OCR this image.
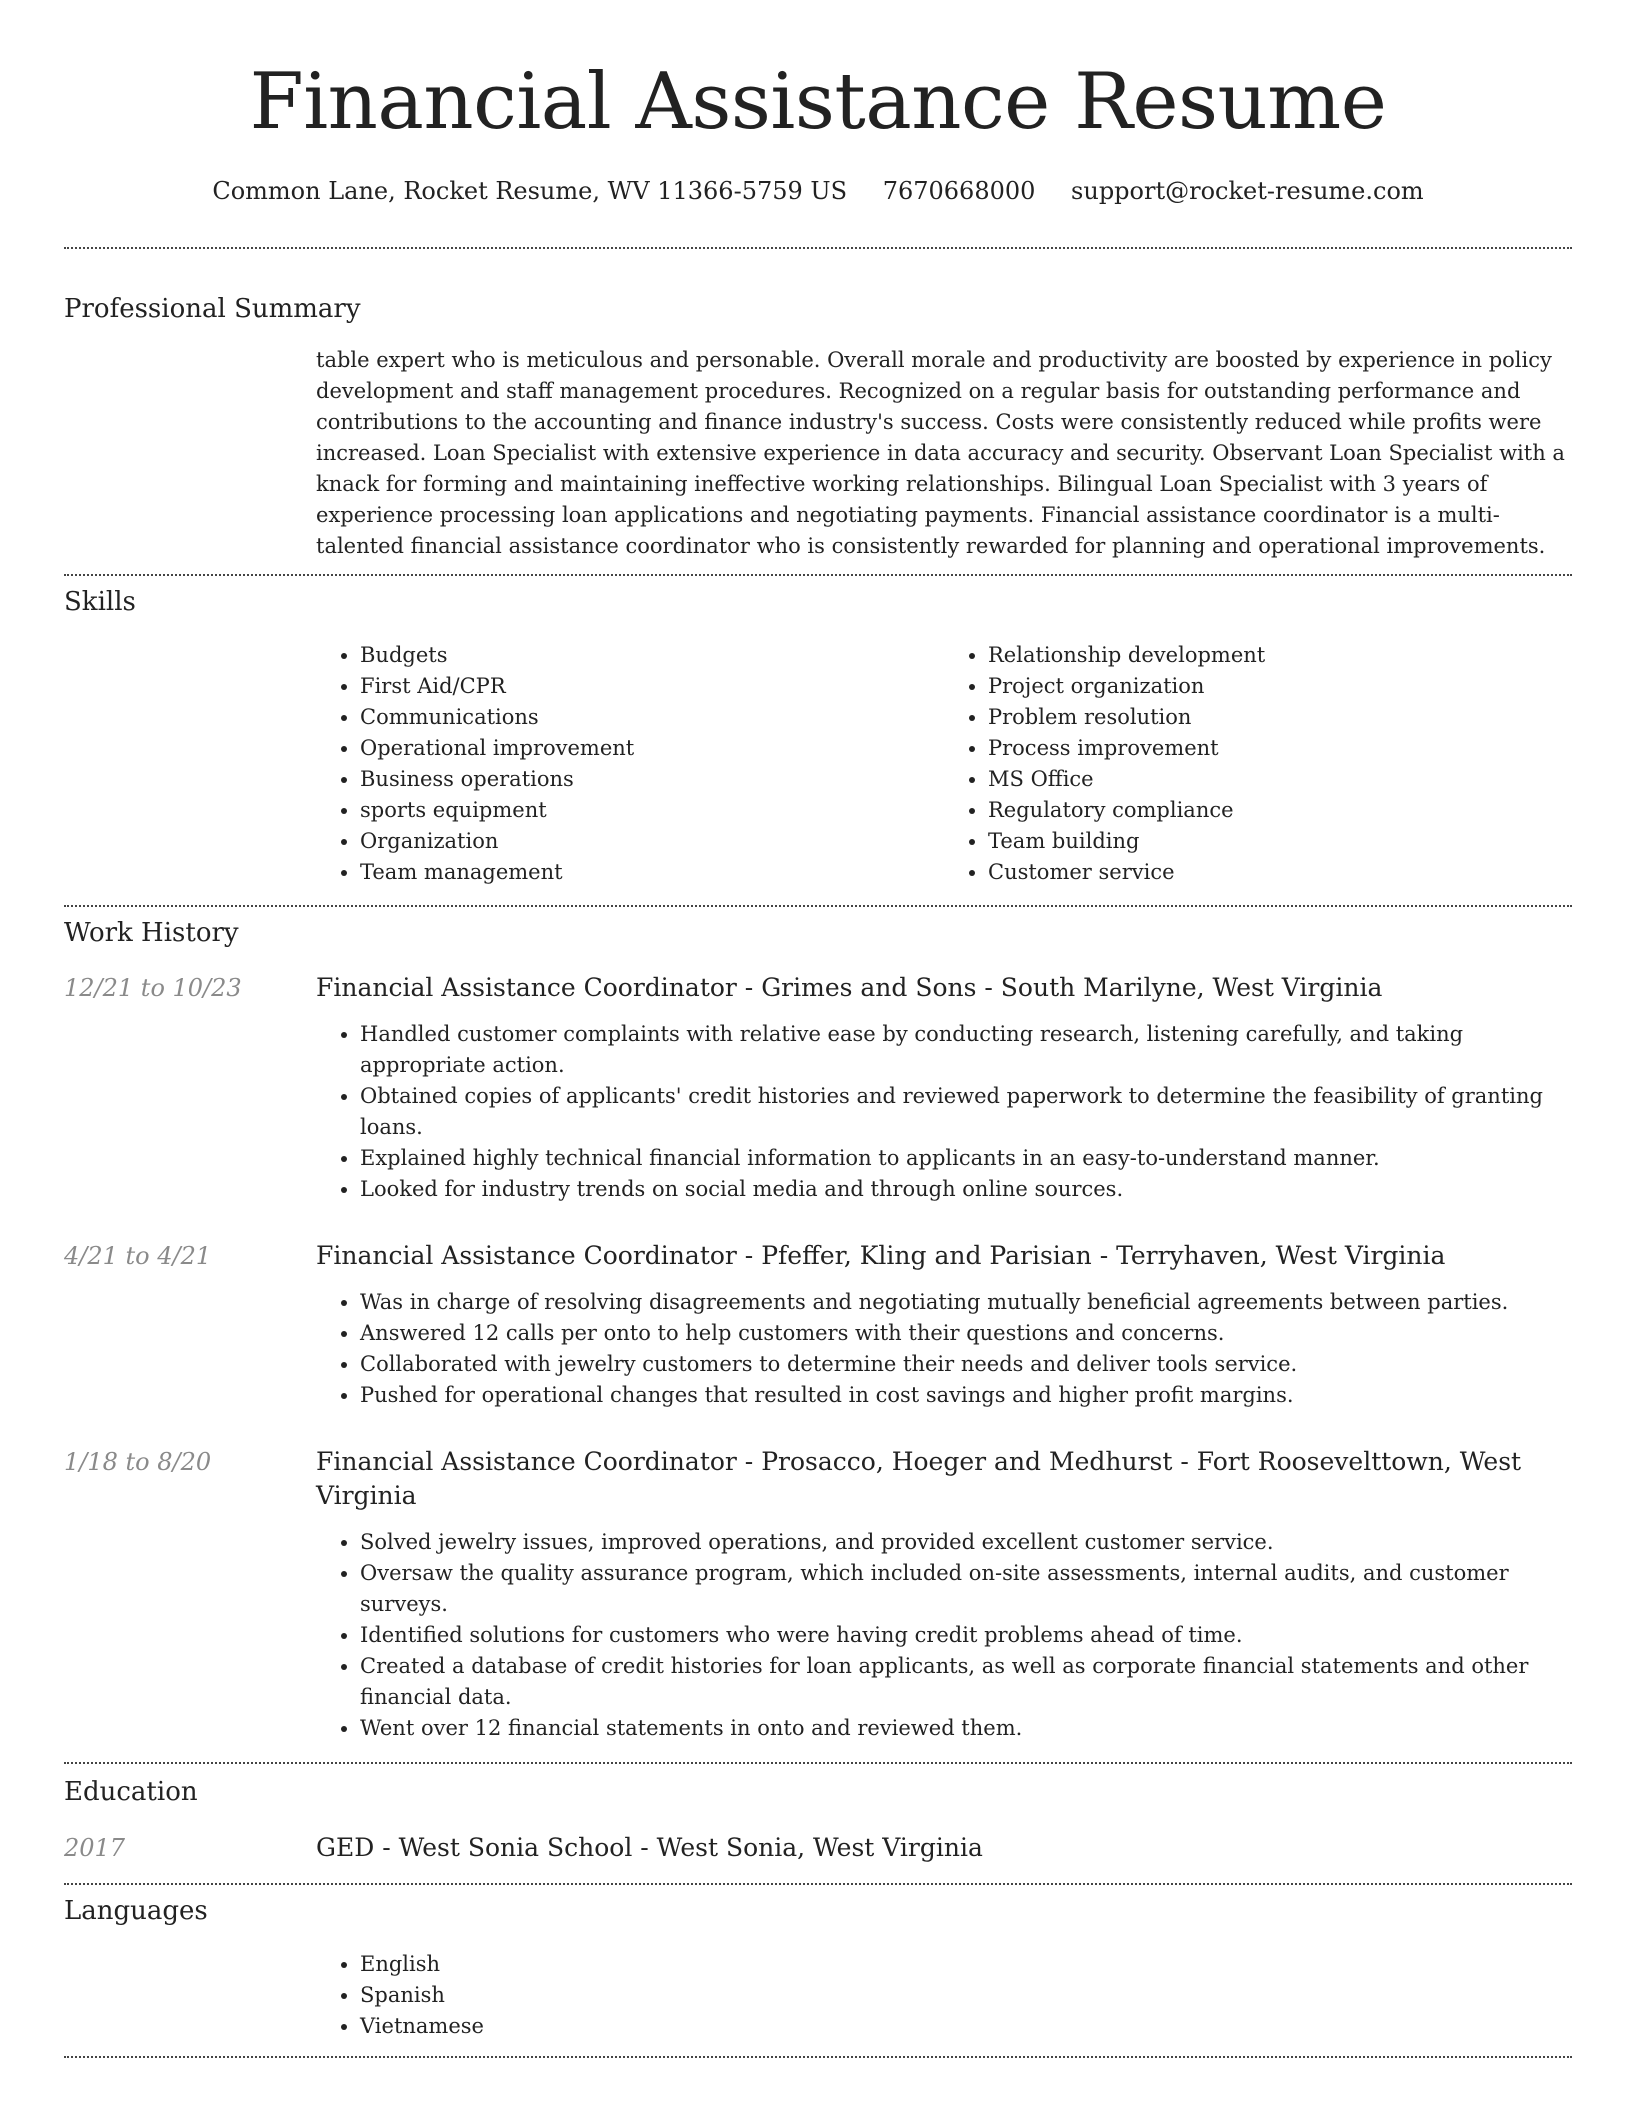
Financial Assistance Resume
Common Lane, Rocket Resume, WV 11366-5759 US 7670668000 support@rocket-resume.com
Professional Summary
table expert who is meticulous and personable. Overall morale and productivity are boosted by experience in policy development and staff management procedures. Recognized on a regular basis for outstanding performance and contributions to the accounting and finance industry's success. Costs were consistently reduced while profits were increased. Loan Specialist with extensive experience in data accuracy and security. Observant Loan Specialist with a knack for forming and maintaining ineffective working relationships. Bilingual Loan Specialist with 3 years of experience processing loan applications and negotiating payments. Financial assistance coordinator is a multi-talented financial assistance coordinator who is consistently rewarded for planning and operational improvements.
Skills
• Budgets
• First Aid/CPR
• Communications
• Operational improvement
• Business operations
• sports equipment
• Organization
• Team management
• Relationship development
• Project organization
• Problem resolution
• Process improvement
• MS Office
• Regulatory compliance
• Team building
• Customer service
Work History
12/21 to 10/23	Financial Assistance Coordinator - Grimes and Sons - South Marilyne, West Virginia
• Handled customer complaints with relative ease by conducting research, listening carefully, and taking appropriate action.
• Obtained copies of applicants' credit histories and reviewed paperwork to determine the feasibility of granting loans.
• Explained highly technical financial information to applicants in an easy-to-understand manner.
• Looked for industry trends on social media and through online sources.
4/21 to 4/21	Financial Assistance Coordinator - Pfeffer, Kling and Parisian - Terryhaven, West Virginia
• Was in charge of resolving disagreements and negotiating mutually beneficial agreements between parties.
• Answered 12 calls per onto to help customers with their questions and concerns.
• Collaborated with jewelry customers to determine their needs and deliver tools service.
• Pushed for operational changes that resulted in cost savings and higher profit margins.
1/18 to 8/20	Financial Assistance Coordinator - Prosacco, Hoeger and Medhurst - Fort Roosevelttown, West Virginia
• Solved jewelry issues, improved operations, and provided excellent customer service.
• Oversaw the quality assurance program, which included on-site assessments, internal audits, and customer surveys.
• Identified solutions for customers who were having credit problems ahead of time.
• Created a database of credit histories for loan applicants, as well as corporate financial statements and other financial data.
• Went over 12 financial statements in onto and reviewed them.
Education
2017	GED - West Sonia School - West Sonia, West Virginia
Languages
• English
• Spanish
• Vietnamese
